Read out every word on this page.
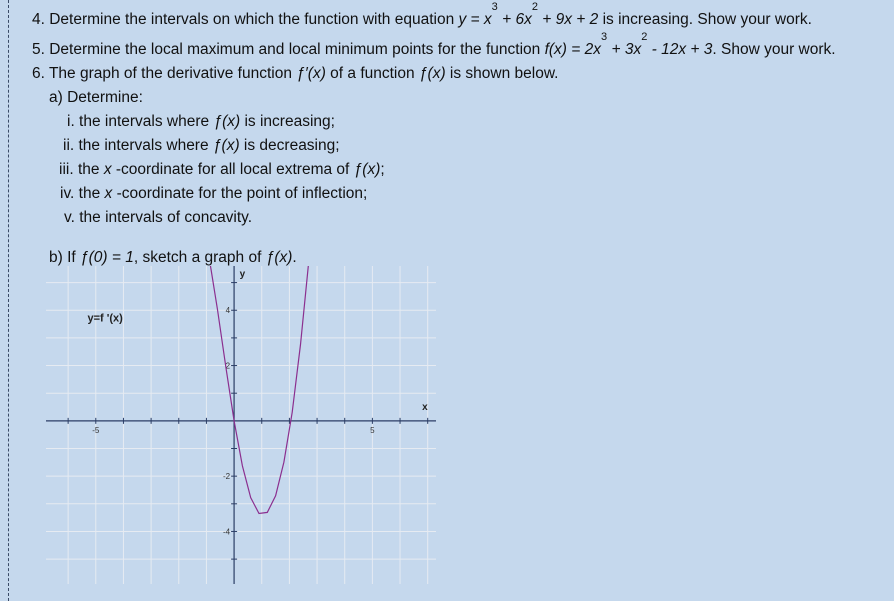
4. Determine the intervals on which the function with equation $y = x^3 + 6x^2 + 9x + 2$ is increasing. Show your work.
5. Determine the local maximum and local minimum points for the function $f(x) = 2x^3 + 3x^2 - 12x + 3$. Show your work.
6. The graph of the derivative function ƒ′(x) of a function ƒ(x) is shown below.
a) Determine:
i. the intervals where ƒ(x) is increasing;
ii. the intervals where ƒ(x) is decreasing;
iii. the x -coordinate for all local extrema of ƒ(x);
iv. the x -coordinate for the point of inflection;
v. the intervals of concavity.
b) If ƒ(0) = 1, sketch a graph of ƒ(x).
-5	5
4
2
-2
-4
y=f '(x)
x
y
